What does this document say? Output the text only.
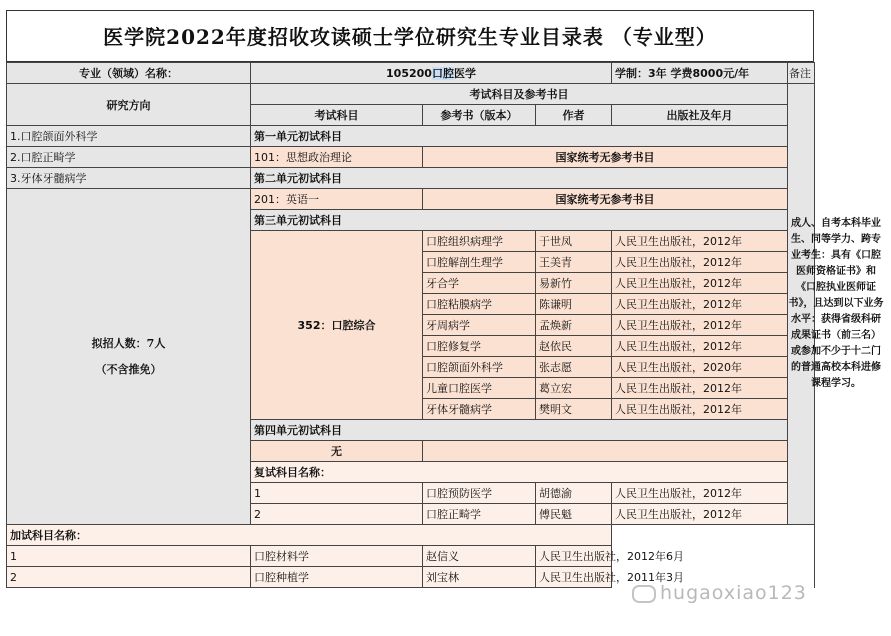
医学院2022年度招收攻读硕士学位研究生专业目录表 （专业型）
专业（领域）名称：	105200口腔医学			学制：3年 学费8000元/年	备注	
研究方向	考试科目及参考书目				成人、自考本科毕业生、同等学力、跨专业考生：具有《口腔医师资格证书》和《口腔执业医师证书》，且达到以下业务水平：获得省级科研成果证书（前三名）或参加不少于十二门的普通高校本科进修课程学习。	

	考试科目	参考书（版本）	作者	出版社及年月		
1.口腔颌面外科学	第一单元初试科目					
2.口腔正畸学	101：思想政治理论	国家统考无参考书目				
3.牙体牙髓病学	第二单元初试科目					

拟招人数：7人
（不含推免）	201：英语一	国家统考无参考书目				
	第三单元初试科目					
	352：口腔综合	口腔组织病理学	于世凤	人民卫生出版社，2012年		
		口腔解剖生理学	王美青	人民卫生出版社，2012年		
		牙合学	易新竹	人民卫生出版社，2012年		
		口腔粘膜病学	陈谦明	人民卫生出版社，2012年		
		牙周病学	孟焕新	人民卫生出版社，2012年		
		口腔修复学	赵依民	人民卫生出版社，2012年		
		口腔颌面外科学	张志愿	人民卫生出版社，2020年		
		儿童口腔医学	葛立宏	人民卫生出版社，2012年		
		牙体牙髓病学	樊明文	人民卫生出版社，2012年		
	第四单元初试科目					
	无					
	复试科目名称：					
	1	口腔预防医学	胡德渝	人民卫生出版社，2012年		
	2	口腔正畸学	傅民魁	人民卫生出版社，2012年		
加试科目名称：						
1	口腔材料学	赵信义	人民卫生出版社，2012年6月			
2	口腔种植学	刘宝林	人民卫生出版社，2011年3月			
hugaoxiao123
